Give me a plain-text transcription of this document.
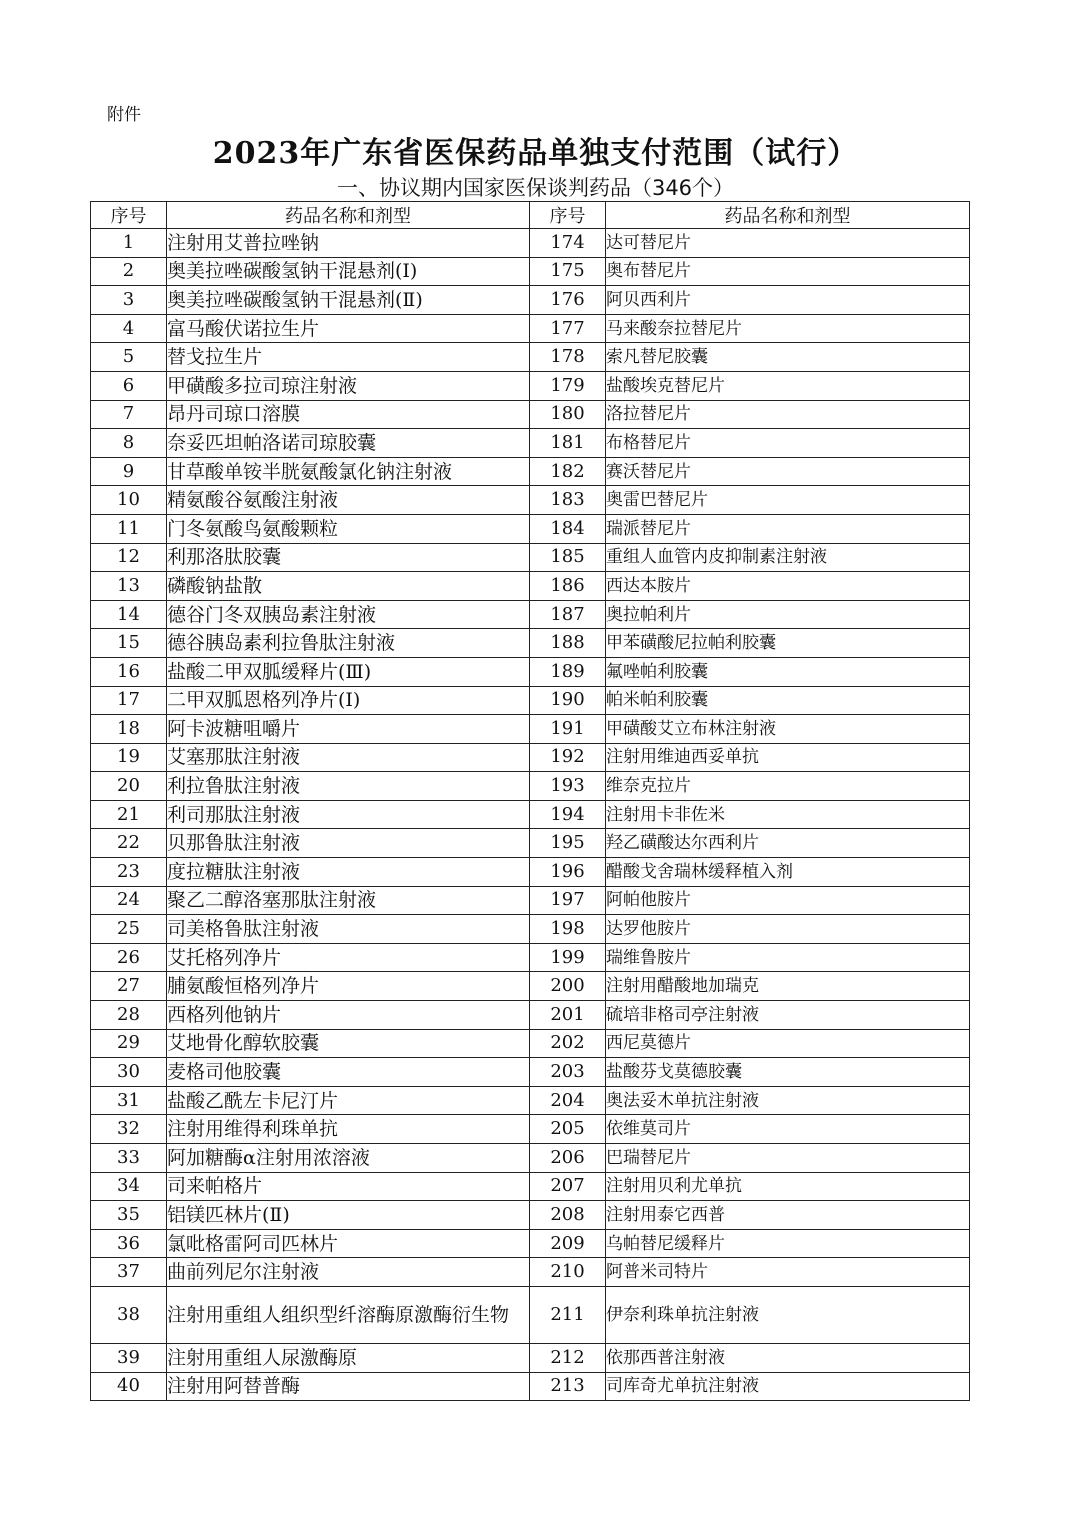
附件
2023年广东省医保药品单独支付范围（试行）
一、协议期内国家医保谈判药品（346个）
序号	药品名称和剂型	序号	药品名称和剂型
1	注射用艾普拉唑钠	174	达可替尼片
2	奥美拉唑碳酸氢钠干混悬剂(I)	175	奥布替尼片
3	奥美拉唑碳酸氢钠干混悬剂(Ⅱ)	176	阿贝西利片
4	富马酸伏诺拉生片	177	马来酸奈拉替尼片
5	替戈拉生片	178	索凡替尼胶囊
6	甲磺酸多拉司琼注射液	179	盐酸埃克替尼片
7	昂丹司琼口溶膜	180	洛拉替尼片
8	奈妥匹坦帕洛诺司琼胶囊	181	布格替尼片
9	甘草酸单铵半胱氨酸氯化钠注射液	182	赛沃替尼片
10	精氨酸谷氨酸注射液	183	奥雷巴替尼片
11	门冬氨酸鸟氨酸颗粒	184	瑞派替尼片
12	利那洛肽胶囊	185	重组人血管内皮抑制素注射液
13	磷酸钠盐散	186	西达本胺片
14	德谷门冬双胰岛素注射液	187	奥拉帕利片
15	德谷胰岛素利拉鲁肽注射液	188	甲苯磺酸尼拉帕利胶囊
16	盐酸二甲双胍缓释片(Ⅲ)	189	氟唑帕利胶囊
17	二甲双胍恩格列净片(Ⅰ)	190	帕米帕利胶囊
18	阿卡波糖咀嚼片	191	甲磺酸艾立布林注射液
19	艾塞那肽注射液	192	注射用维迪西妥单抗
20	利拉鲁肽注射液	193	维奈克拉片
21	利司那肽注射液	194	注射用卡非佐米
22	贝那鲁肽注射液	195	羟乙磺酸达尔西利片
23	度拉糖肽注射液	196	醋酸戈舍瑞林缓释植入剂
24	聚乙二醇洛塞那肽注射液	197	阿帕他胺片
25	司美格鲁肽注射液	198	达罗他胺片
26	艾托格列净片	199	瑞维鲁胺片
27	脯氨酸恒格列净片	200	注射用醋酸地加瑞克
28	西格列他钠片	201	硫培非格司亭注射液
29	艾地骨化醇软胶囊	202	西尼莫德片
30	麦格司他胶囊	203	盐酸芬戈莫德胶囊
31	盐酸乙酰左卡尼汀片	204	奥法妥木单抗注射液
32	注射用维得利珠单抗	205	依维莫司片
33	阿加糖酶α注射用浓溶液	206	巴瑞替尼片
34	司来帕格片	207	注射用贝利尤单抗
35	铝镁匹林片(Ⅱ)	208	注射用泰它西普
36	氯吡格雷阿司匹林片	209	乌帕替尼缓释片
37	曲前列尼尔注射液	210	阿普米司特片
38	注射用重组人组织型纤溶酶原激酶衍生物	211	伊奈利珠单抗注射液
39	注射用重组人尿激酶原	212	依那西普注射液
40	注射用阿替普酶	213	司库奇尤单抗注射液
